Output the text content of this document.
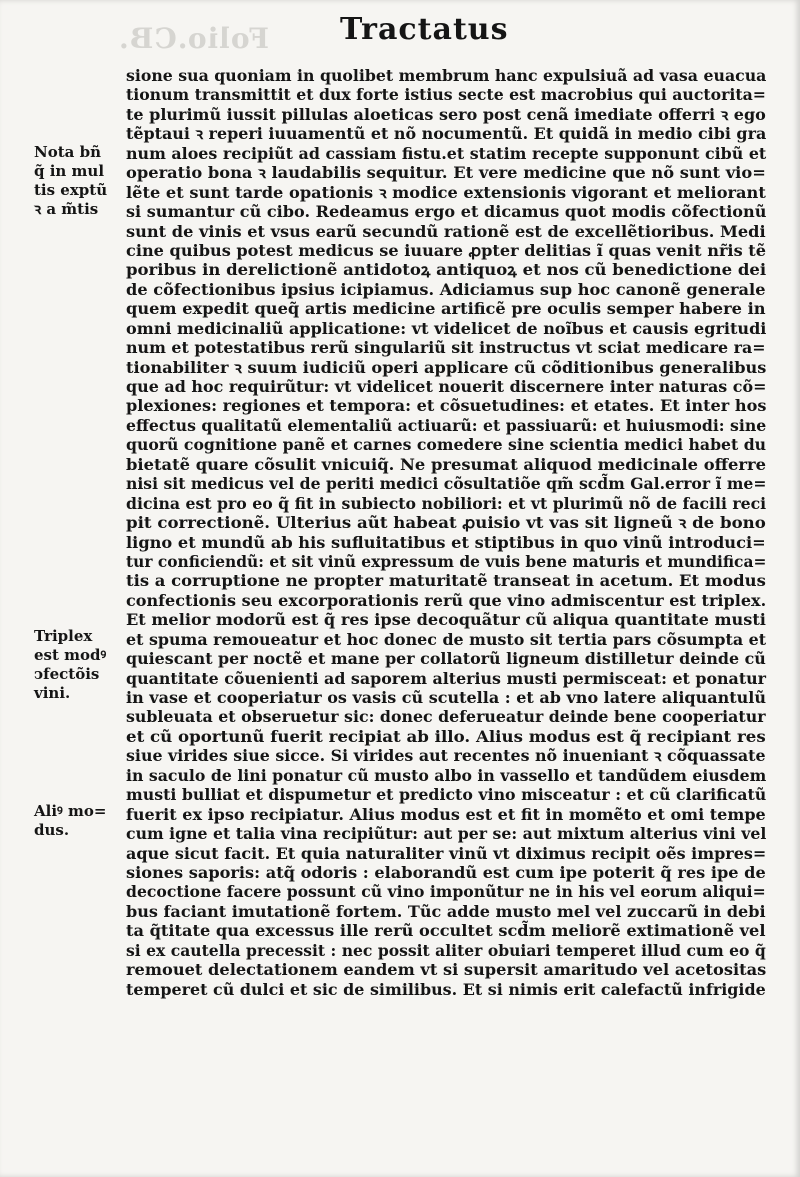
Folio.CB. Tractatus
Nota bñ
q̃ in mul
tis exptũ
ꝛ a m̃tis
Triplex
est modꝰ
ↄfectõis
vini.
Aliꝰ mo=
dus.
sione sua quoniam in quolibet membrum hanc expulsiuã ad vasa euacua
tionum transmittit et dux forte istius secte est macrobius qui auctorita=
te plurimũ iussit pillulas aloeticas sero post cenã imediate offerri ꝛ ego
tẽptaui ꝛ reperi iuuamentũ et nõ nocumentũ. Et quidã in medio cibi gra
num aloes recipiũt ad cassiam fistu.et statim recepte supponunt cibũ et
operatio bona ꝛ laudabilis sequitur. Et vere medicine que nõ sunt vio=
lẽte et sunt tarde opationis ꝛ modice extensionis vigorant et meliorant
si sumantur cũ cibo. Redeamus ergo et dicamus quot modis cõfectionũ
sunt de vinis et vsus earũ secundũ rationẽ est de excellẽtioribus. Medi
cine quibus potest medicus se iuuare ꝓpter delitias ĩ quas venit nr̃is tẽ
poribus in derelictionẽ antidotoꝝ antiquoꝝ et nos cũ benedictione dei
de cõfectionibus ipsius icipiamus. Adiciamus sup hoc canonẽ generale
quem expedit queq̃ artis medicine artificẽ pre oculis semper habere in
omni medicinaliũ applicatione: vt videlicet de noĩbus et causis egritudi
num et potestatibus rerũ singulariũ sit instructus vt sciat medicare ra=
tionabiliter ꝛ suum iudiciũ operi applicare cũ cõditionibus generalibus
que ad hoc requirũtur: vt videlicet nouerit discernere inter naturas cõ=
plexiones: regiones et tempora: et cõsuetudines: et etates. Et inter hos
effectus qualitatũ elementaliũ actiuarũ: et passiuarũ: et huiusmodi: sine
quorũ cognitione panẽ et carnes comedere sine scientia medici habet du
bietatẽ quare cõsulit vnicuiq̃. Ne presumat aliquod medicinale offerre
nisi sit medicus vel de periti medici cõsultatiõe qm̃ scd̃m Gal.error ĩ me=
dicina est pro eo q̃ fit in subiecto nobiliori: et vt plurimũ nõ de facili reci
pit correctionẽ. Ulterius aũt habeat ꝓuisio vt vas sit ligneũ ꝛ de bono
ligno et mundũ ab his sufluitatibus et stiptibus in quo vinũ introduci=
tur conficiendũ: et sit vinũ expressum de vuis bene maturis et mundifica=
tis a corruptione ne propter maturitatẽ transeat in acetum. Et modus
confectionis seu excorporationis rerũ que vino admiscentur est triplex.
Et melior modorũ est q̃ res ipse decoquãtur cũ aliqua quantitate musti
et spuma remoueatur et hoc donec de musto sit tertia pars cõsumpta et
quiescant per noctẽ et mane per collatorũ ligneum distilletur deinde cũ
quantitate cõuenienti ad saporem alterius musti permisceat: et ponatur
in vase et cooperiatur os vasis cũ scutella : et ab vno latere aliquantulũ
subleuata et obseruetur sic: donec deferueatur deinde bene cooperiatur
et cũ oportunũ fuerit recipiat ab illo. Alius modus est q̃ recipiant res
siue virides siue sicce. Si virides aut recentes nõ inueniant ꝛ cõquassate
in saculo de lini ponatur cũ musto albo in vassello et tandũdem eiusdem
musti bulliat et dispumetur et predicto vino misceatur : et cũ clarificatũ
fuerit ex ipso recipiatur. Alius modus est et fit in momẽto et omi tempe
cum igne et talia vina recipiũtur: aut per se: aut mixtum alterius vini vel
aque sicut facit. Et quia naturaliter vinũ vt diximus recipit oẽs impres=
siones saporis: atq̃ odoris : elaborandũ est cum ipe poterit q̃ res ipe de
decoctione facere possunt cũ vino imponũtur ne in his vel eorum aliqui=
bus faciant imutationẽ fortem. Tũc adde musto mel vel zuccarũ in debi
ta q̃titate qua excessus ille rerũ occultet scd̃m meliorẽ extimationẽ vel
si ex cautella precessit : nec possit aliter obuiari temperet illud cum eo q̃
remouet delectationem eandem vt si supersit amaritudo vel acetositas
temperet cũ dulci et sic de similibus. Et si nimis erit calefactũ infrigide
